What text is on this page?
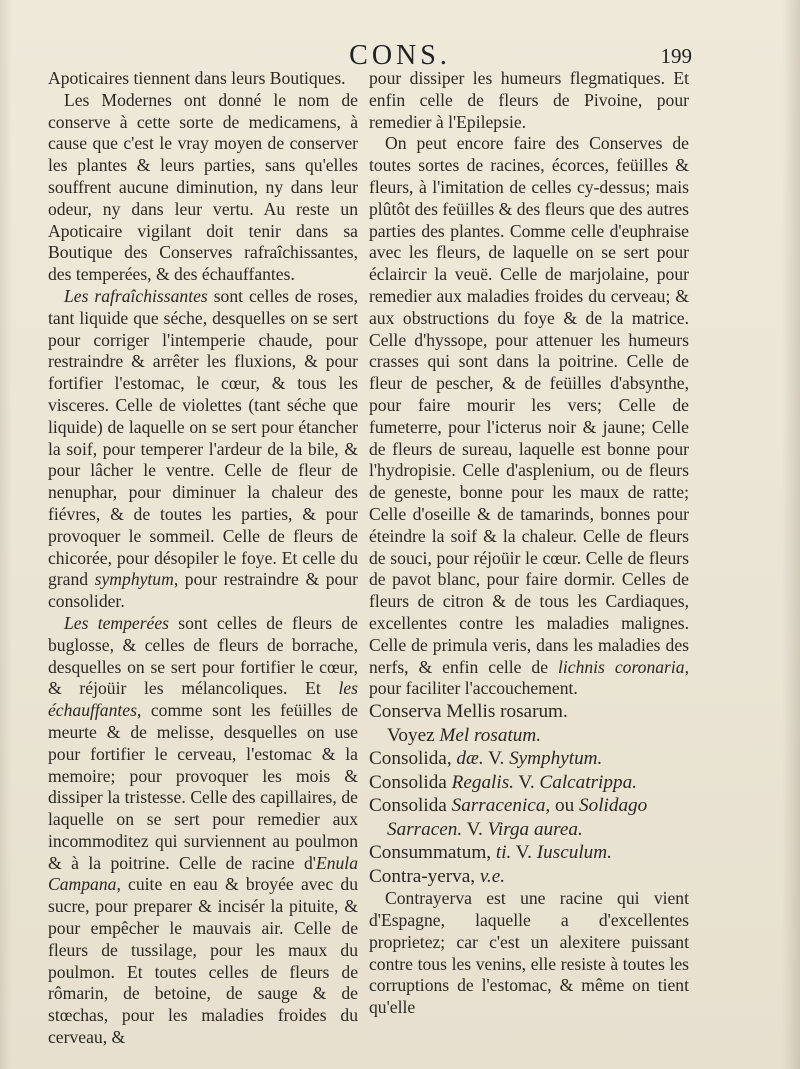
CONS.	199

Apoticaires tiennent dans leurs Boutiques.

Les Modernes ont donné le nom de conserve à cette sorte de medicamens, à cause que c'est le vray moyen de conserver les plantes & leurs parties, sans qu'elles souffrent aucune diminution, ny dans leur odeur, ny dans leur vertu. Au reste un Apoticaire vigilant doit tenir dans sa Boutique des Conserves rafraîchissantes, des temperées, & des échauffantes.

Les rafraîchissantes sont celles de roses, tant liquide que séche, desquelles on se sert pour corriger l'intemperie chaude, pour restraindre & arrêter les fluxions, & pour fortifier l'estomac, le cœur, & tous les visceres. Celle de violettes (tant séche que liquide) de laquelle on se sert pour étancher la soif, pour temperer l'ardeur de la bile, & pour lâcher le ventre. Celle de fleur de nenuphar, pour diminuer la chaleur des fiévres, & de toutes les parties, & pour provoquer le sommeil. Celle de fleurs de chicorée, pour désopiler le foye. Et celle du grand symphytum, pour restraindre & pour consolider.

Les temperées sont celles de fleurs de buglosse, & celles de fleurs de borrache, desquelles on se sert pour fortifier le cœur, & réjoüir les mélancoliques. Et les échauffantes, comme sont les feüilles de meurte & de melisse, desquelles on use pour fortifier le cerveau, l'estomac & la memoire; pour provoquer les mois & dissiper la tristesse. Celle des capillaires, de laquelle on se sert pour remedier aux incommoditez qui surviennent au poulmon & à la poitrine. Celle de racine d'Enula Campana, cuite en eau & broyée avec du sucre, pour preparer & incisér la pituite, & pour empêcher le mauvais air. Celle de fleurs de tussilage, pour les maux du poulmon. Et toutes celles de fleurs de rômarin, de betoine, de sauge & de stœchas, pour les maladies froides du cerveau, &

pour dissiper les humeurs flegmatiques. Et enfin celle de fleurs de Pivoine, pour remedier à l'Epilepsie.

On peut encore faire des Conserves de toutes sortes de racines, écorces, feüilles & fleurs, à l'imitation de celles cy-dessus; mais plûtôt des feüilles & des fleurs que des autres parties des plantes. Comme celle d'euphraise avec les fleurs, de laquelle on se sert pour éclaircir la veuë. Celle de marjolaine, pour remedier aux maladies froides du cerveau; & aux obstructions du foye & de la matrice. Celle d'hyssope, pour attenuer les humeurs crasses qui sont dans la poitrine. Celle de fleur de pescher, & de feüilles d'absynthe, pour faire mourir les vers; Celle de fumeterre, pour l'icterus noir & jaune; Celle de fleurs de sureau, laquelle est bonne pour l'hydropisie. Celle d'asplenium, ou de fleurs de geneste, bonne pour les maux de ratte; Celle d'oseille & de tamarinds, bonnes pour éteindre la soif & la chaleur. Celle de fleurs de souci, pour réjoüir le cœur. Celle de fleurs de pavot blanc, pour faire dormir. Celles de fleurs de citron & de tous les Cardiaques, excellentes contre les maladies malignes. Celle de primula veris, dans les maladies des nerfs, & enfin celle de lichnis coronaria, pour faciliter l'accouchement.

Conserva Mellis rosarum.

Voyez Mel rosatum.

Consolida, dæ. V. Symphytum.

Consolida Regalis. V. Calcatrippa.

Consolida Sarracenica, ou Solidago

Sarracen. V. Virga aurea.

Consummatum, ti. V. Iusculum.

Contra-yerva, v.e.

Contrayerva est une racine qui vient d'Espagne, laquelle a d'excellentes proprietez; car c'est un alexitere puissant contre tous les venins, elle resiste à toutes les corruptions de l'estomac, & même on tient qu'elle
